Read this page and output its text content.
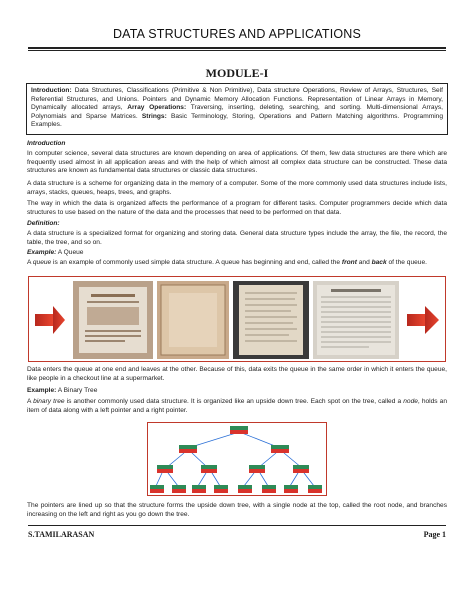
DATA STRUCTURES AND APPLICATIONS
MODULE-I
Introduction: Data Structures, Classifications (Primitive & Non Primitive), Data structure Operations, Review of Arrays, Structures, Self Referential Structures, and Unions. Pointers and Dynamic Memory Allocation Functions. Representation of Linear Arrays in Memory, Dynamically allocated arrays, Array Operations: Traversing, inserting, deleting, searching, and sorting. Multi-dimensional Arrays, Polynomials and Sparse Matrices. Strings: Basic Terminology, Storing, Operations and Pattern Matching algorithms. Programming Examples.
Introduction
In computer science, several data structures are known depending on area of applications. Of them, few data structures are there which are frequently used almost in all application areas and with the help of which almost all complex data structure can be constructed. These data structures are known as fundamental data structures or classic data structures.
A data structure is a scheme for organizing data in the memory of a computer. Some of the more commonly used data structures include lists, arrays, stacks, queues, heaps, trees, and graphs.
The way in which the data is organized affects the performance of a program for different tasks. Computer programmers decide which data structures to use based on the nature of the data and the processes that need to be performed on that data.
Definition:
A data structure is a specialized format for organizing and storing data. General data structure types include the array, the file, the record, the table, the tree, and so on.
Example: A Queue
A queue is an example of commonly used simple data structure. A queue has beginning and end, called the front and back of the queue.
Data enters the queue at one end and leaves at the other. Because of this, data exits the queue in the same order in which it enters the queue, like people in a checkout line at a supermarket.
Example: A Binary Tree
A binary tree is another commonly used data structure. It is organized like an upside down tree. Each spot on the tree, called a node, holds an item of data along with a left pointer and a right pointer.
The pointers are lined up so that the structure forms the upside down tree, with a single node at the top, called the root node, and branches increasing on the left and right as you go down the tree.
S.TAMILARASAN	Page 1
